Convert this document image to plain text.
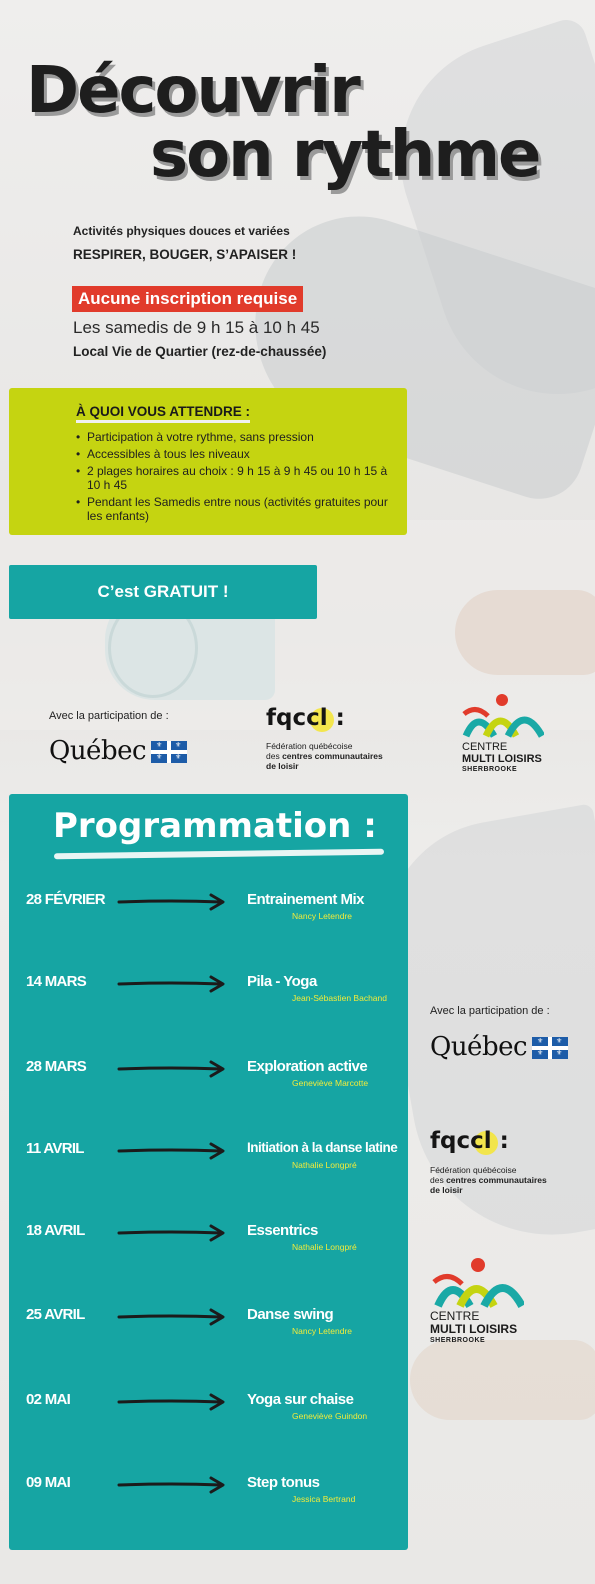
Découvrir
son rythme
Activités physiques douces et variées
RESPIRER, BOUGER, S’APAISER !
Aucune inscription requise
Les samedis de 9 h 15 à 10 h 45
Local Vie de Quartier (rez-de-chaussée)
À QUOI VOUS ATTENDRE :
• Participation à votre rythme, sans pression
• Accessibles à tous les niveaux
• 2 plages horaires au choix : 9 h 15 à 9 h 45 ou 10 h 15 à 10 h 45
• Pendant les Samedis entre nous (activités gratuites pour les enfants)
C’est GRATUIT !
Avec la participation de :
Québec ⚜ ⚜
⚜ ⚜
fqccl :
Fédération québécoise
des centres communautaires
de loisir
CENTRE
MULTI LOISIRS
SHERBROOKE
Programmation :
28 FÉVRIER	Entrainement Mix
Nancy Letendre
14 MARS	Pila - Yoga
Jean-Sébastien Bachand
28 MARS	Exploration active
Geneviève Marcotte
11 AVRIL	Initiation à la danse latine
Nathalie Longpré
18 AVRIL	Essentrics
Nathalie Longpré
25 AVRIL	Danse swing
Nancy Letendre
02 MAI	Yoga sur chaise
Geneviève Guindon
09 MAI	Step tonus
Jessica Bertrand
Avec la participation de :
Québec ⚜ ⚜
⚜ ⚜
fqccl :
Fédération québécoise
des centres communautaires
de loisir
CENTRE
MULTI LOISIRS
SHERBROOKE
